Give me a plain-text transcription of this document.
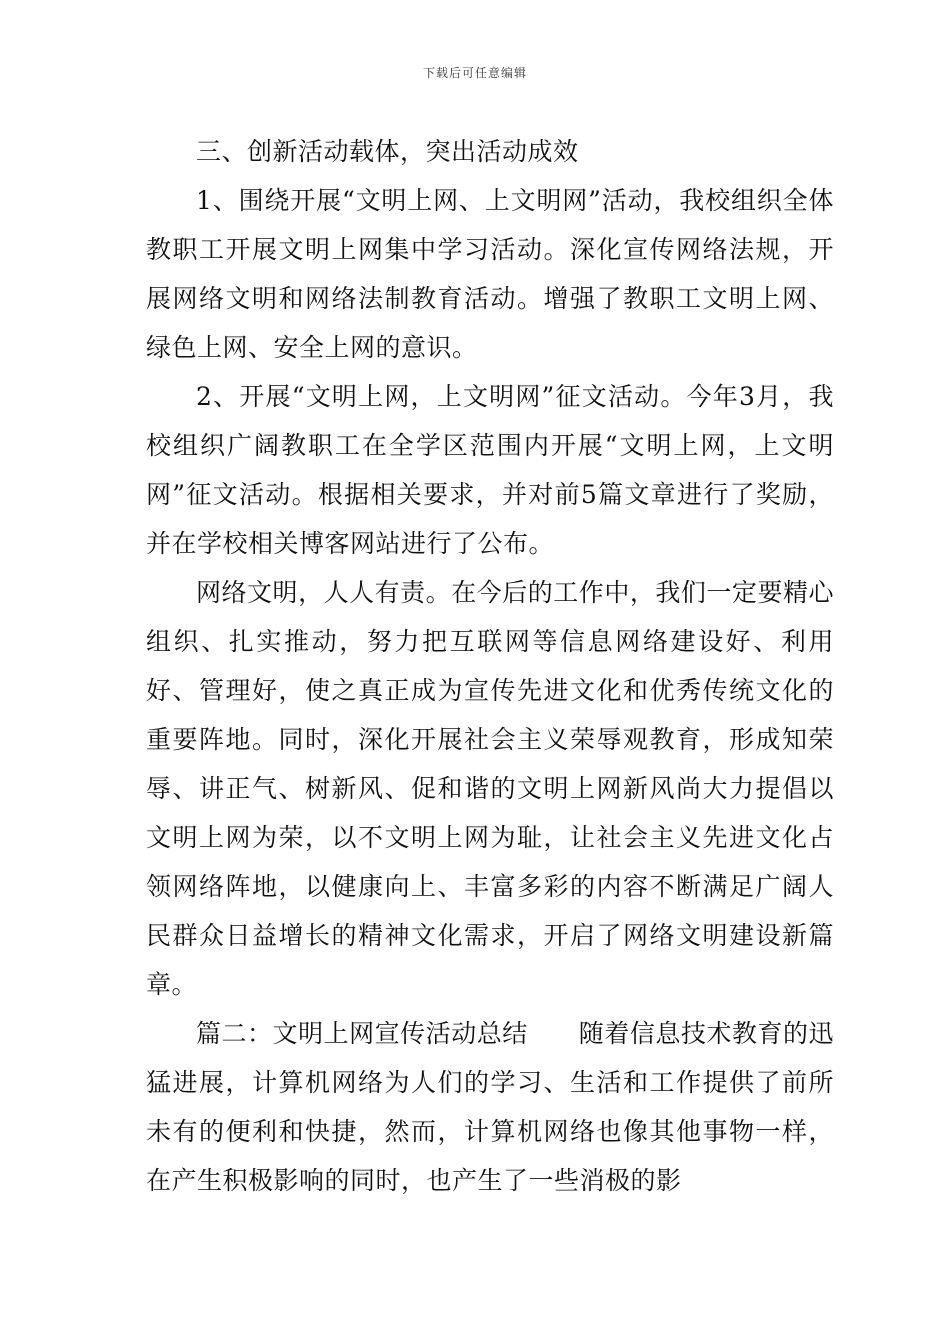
下载后可任意编辑

三、创新活动载体，突出活动成效

1、围绕开展“文明上网、上文明网”活动，我校组织全体教职工开展文明上网集中学习活动。深化宣传网络法规，开展网络文明和网络法制教育活动。增强了教职工文明上网、绿色上网、安全上网的意识。

2、开展“文明上网，上文明网”征文活动。今年3月，我校组织广阔教职工在全学区范围内开展“文明上网，上文明网”征文活动。根据相关要求，并对前5篇文章进行了奖励，并在学校相关博客网站进行了公布。

网络文明，人人有责。在今后的工作中，我们一定要精心组织、扎实推动，努力把互联网等信息网络建设好、利用好、管理好，使之真正成为宣传先进文化和优秀传统文化的重要阵地。同时，深化开展社会主义荣辱观教育，形成知荣辱、讲正气、树新风、促和谐的文明上网新风尚大力提倡以文明上网为荣，以不文明上网为耻，让社会主义先进文化占领网络阵地，以健康向上、丰富多彩的内容不断满足广阔人民群众日益增长的精神文化需求，开启了网络文明建设新篇章。

篇二：文明上网宣传活动总结　　随着信息技术教育的迅猛进展，计算机网络为人们的学习、生活和工作提供了前所未有的便利和快捷，然而，计算机网络也像其他事物一样，在产生积极影响的同时，也产生了一些消极的影
